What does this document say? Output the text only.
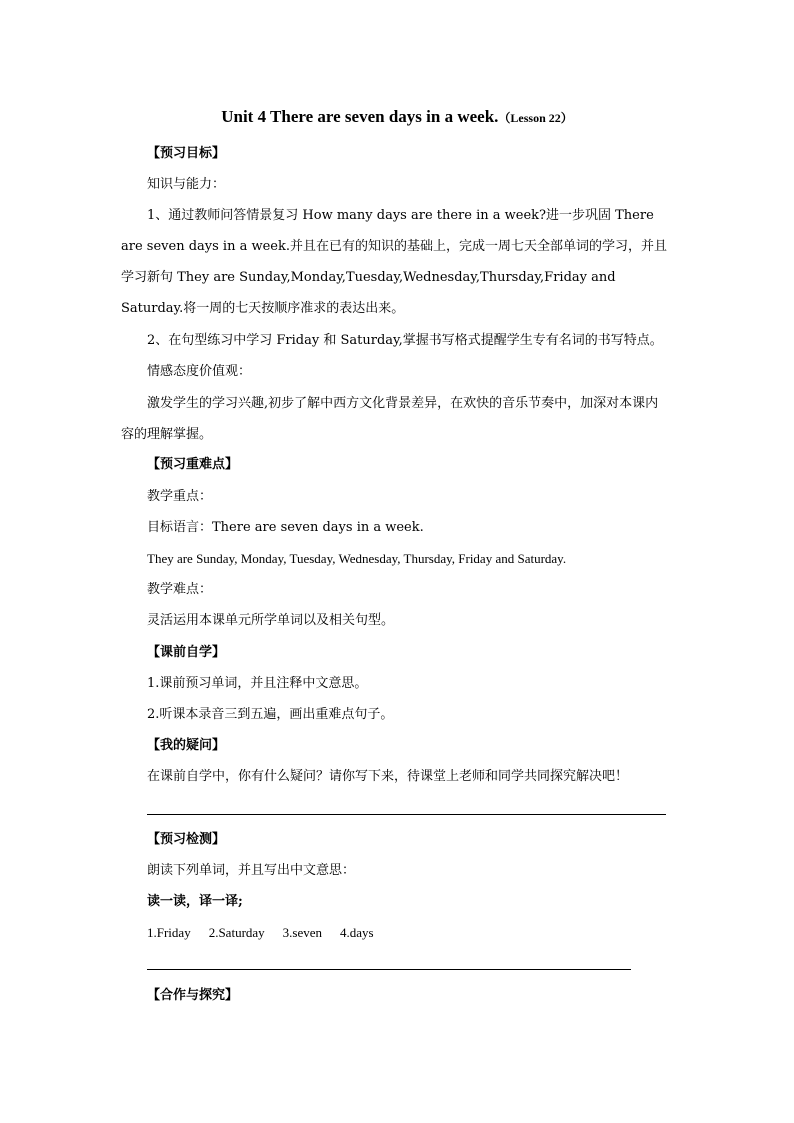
Unit 4 There are seven days in a week.（Lesson 22）
【预习目标】
知识与能力：
1、通过教师问答情景复习 How many days are there in a week?进一步巩固 There are seven days in a week.并且在已有的知识的基础上，完成一周七天全部单词的学习，并且学习新句 They are Sunday,Monday,Tuesday,Wednesday,Thursday,Friday and Saturday.将一周的七天按顺序准求的表达出来。
2、在句型练习中学习 Friday 和 Saturday,掌握书写格式提醒学生专有名词的书写特点。
情感态度价值观：
激发学生的学习兴趣,初步了解中西方文化背景差异，在欢快的音乐节奏中，加深对本课内容的理解掌握。
【预习重难点】
教学重点：
目标语言：There are seven days in a week.
They are Sunday, Monday, Tuesday, Wednesday, Thursday, Friday and Saturday.
教学难点：
灵活运用本课单元所学单词以及相关句型。
【课前自学】
1.课前预习单词，并且注释中文意思。
2.听课本录音三到五遍，画出重难点句子。
【我的疑问】
在课前自学中，你有什么疑问？请你写下来，待课堂上老师和同学共同探究解决吧！
【预习检测】
朗读下列单词，并且写出中文意思：
读一读，译一译;
1.Friday 2.Saturday 3.seven 4.days
【合作与探究】
